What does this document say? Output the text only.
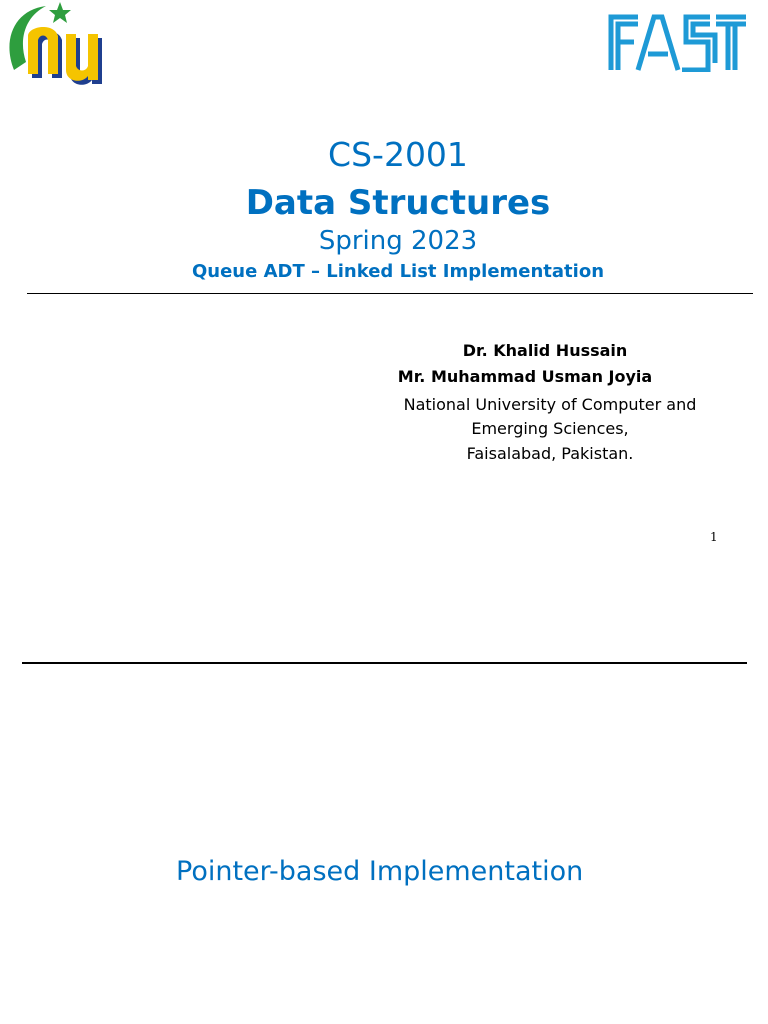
CS-2001
Data Structures
Spring 2023
Queue ADT – Linked List Implementation
Dr. Khalid Hussain
Mr. Muhammad Usman Joyia
National University of Computer and
Emerging Sciences,
Faisalabad, Pakistan.
1
Pointer-based Implementation
